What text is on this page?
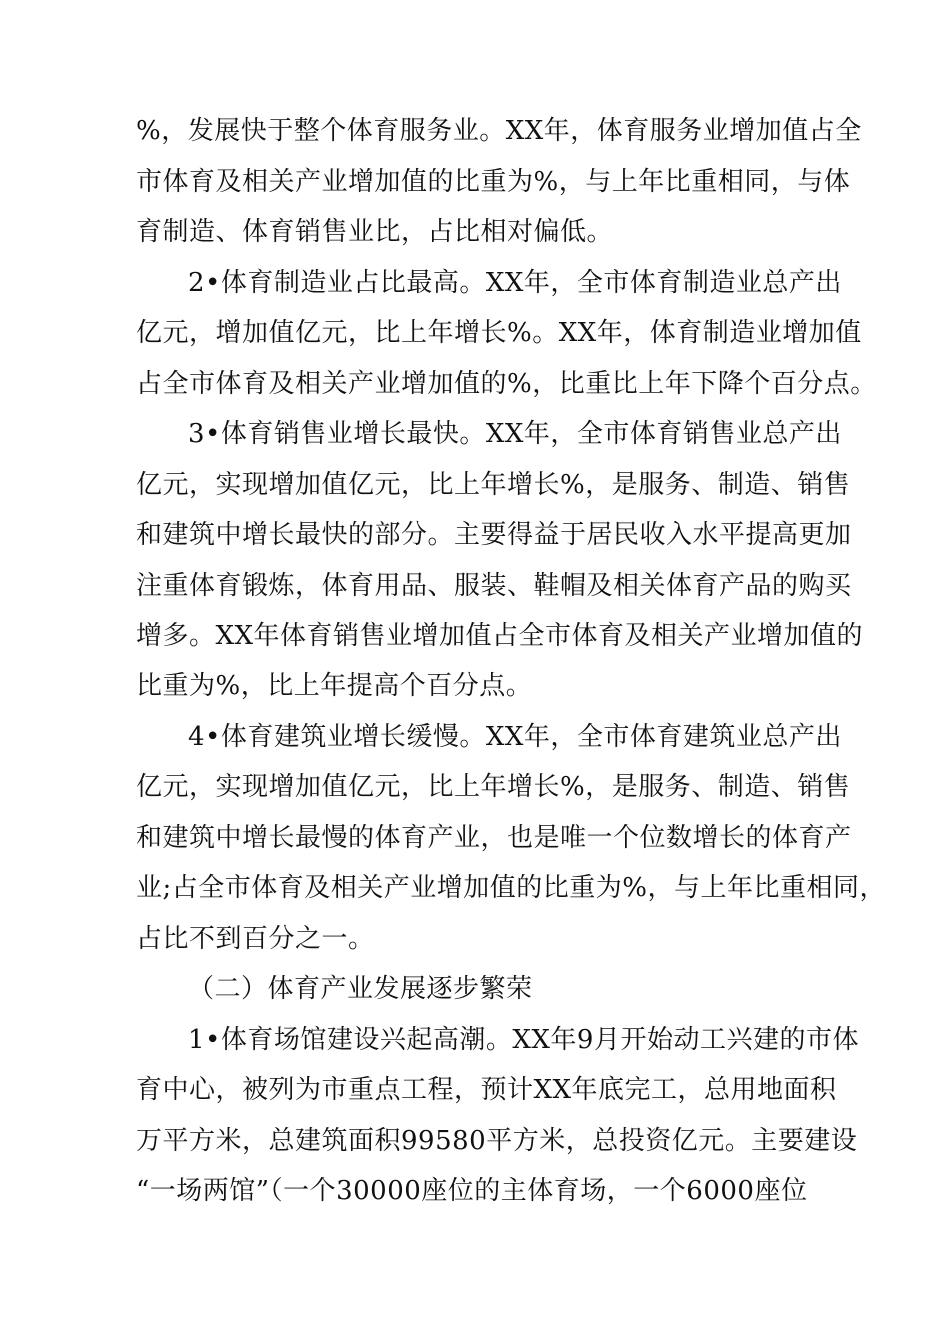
%，发展快于整个体育服务业。XX年，体育服务业增加值占全
市体育及相关产业增加值的比重为%，与上年比重相同，与体
育制造、体育销售业比，占比相对偏低。
2•体育制造业占比最高。XX年，全市体育制造业总产出
亿元，增加值亿元，比上年增长%。XX年，体育制造业增加值
占全市体育及相关产业增加值的%，比重比上年下降个百分点。
3•体育销售业增长最快。XX年，全市体育销售业总产出
亿元，实现增加值亿元，比上年增长%，是服务、制造、销售
和建筑中增长最快的部分。主要得益于居民收入水平提高更加
注重体育锻炼，体育用品、服装、鞋帽及相关体育产品的购买
增多。XX年体育销售业增加值占全市体育及相关产业增加值的
比重为%，比上年提高个百分点。
4•体育建筑业增长缓慢。XX年，全市体育建筑业总产出
亿元，实现增加值亿元，比上年增长%，是服务、制造、销售
和建筑中增长最慢的体育产业，也是唯一个位数增长的体育产
业;占全市体育及相关产业增加值的比重为%，与上年比重相同，
占比不到百分之一。
（二）体育产业发展逐步繁荣
1•体育场馆建设兴起高潮。XX年9月开始动工兴建的市体
育中心，被列为市重点工程，预计XX年底完工，总用地面积
万平方米，总建筑面积99580平方米，总投资亿元。主要建设
“一场两馆”（一个30000座位的主体育场，一个6000座位
